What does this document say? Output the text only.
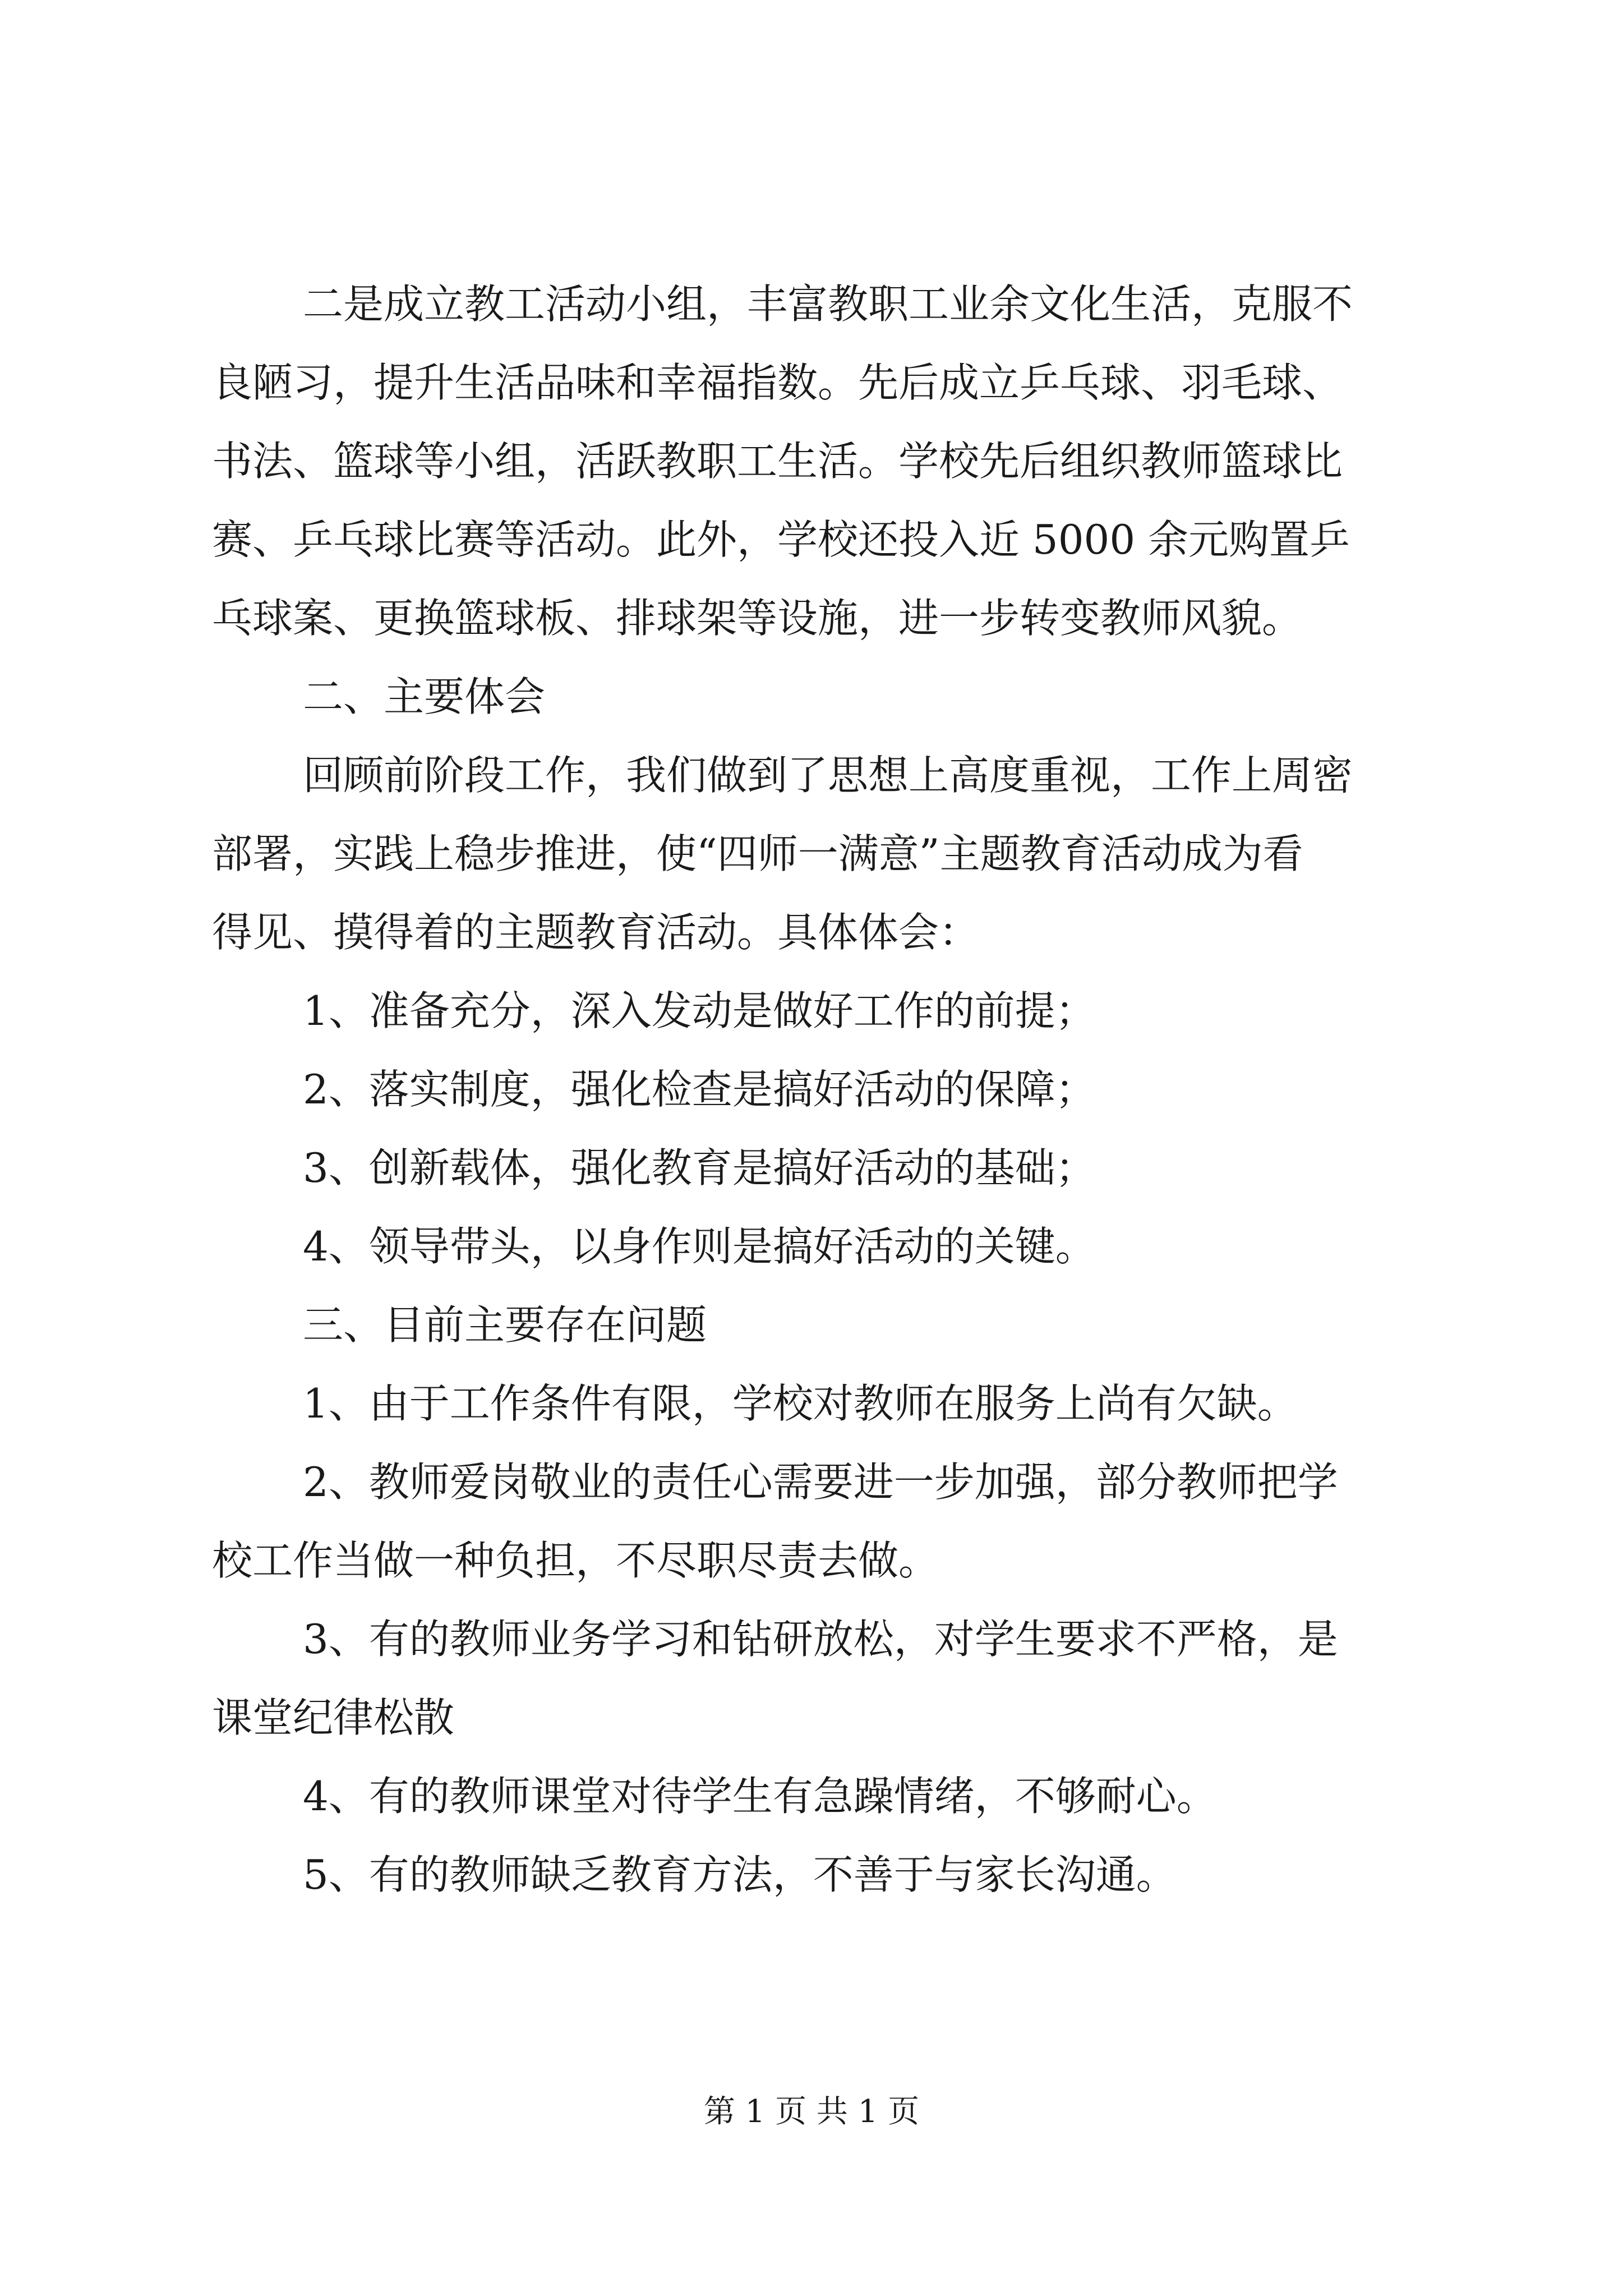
二是成立教工活动小组，丰富教职工业余文化生活，克服不
良陋习，提升生活品味和幸福指数。先后成立乒乓球、羽毛球、
书法、篮球等小组，活跃教职工生活。学校先后组织教师篮球比
赛、乒乓球比赛等活动。此外，学校还投入近 5000 余元购置乒
乓球案、更换篮球板、排球架等设施，进一步转变教师风貌。
二、主要体会
回顾前阶段工作，我们做到了思想上高度重视，工作上周密
部署，实践上稳步推进，使“四师一满意”主题教育活动成为看
得见、摸得着的主题教育活动。具体体会：
1、准备充分，深入发动是做好工作的前提；
2、落实制度，强化检查是搞好活动的保障；
3、创新载体，强化教育是搞好活动的基础；
4、领导带头，以身作则是搞好活动的关键。
三、目前主要存在问题
1、由于工作条件有限，学校对教师在服务上尚有欠缺。
2、教师爱岗敬业的责任心需要进一步加强，部分教师把学
校工作当做一种负担，不尽职尽责去做。
3、有的教师业务学习和钻研放松，对学生要求不严格，是
课堂纪律松散
4、有的教师课堂对待学生有急躁情绪，不够耐心。
5、有的教师缺乏教育方法，不善于与家长沟通。
第 1 页 共 1 页
